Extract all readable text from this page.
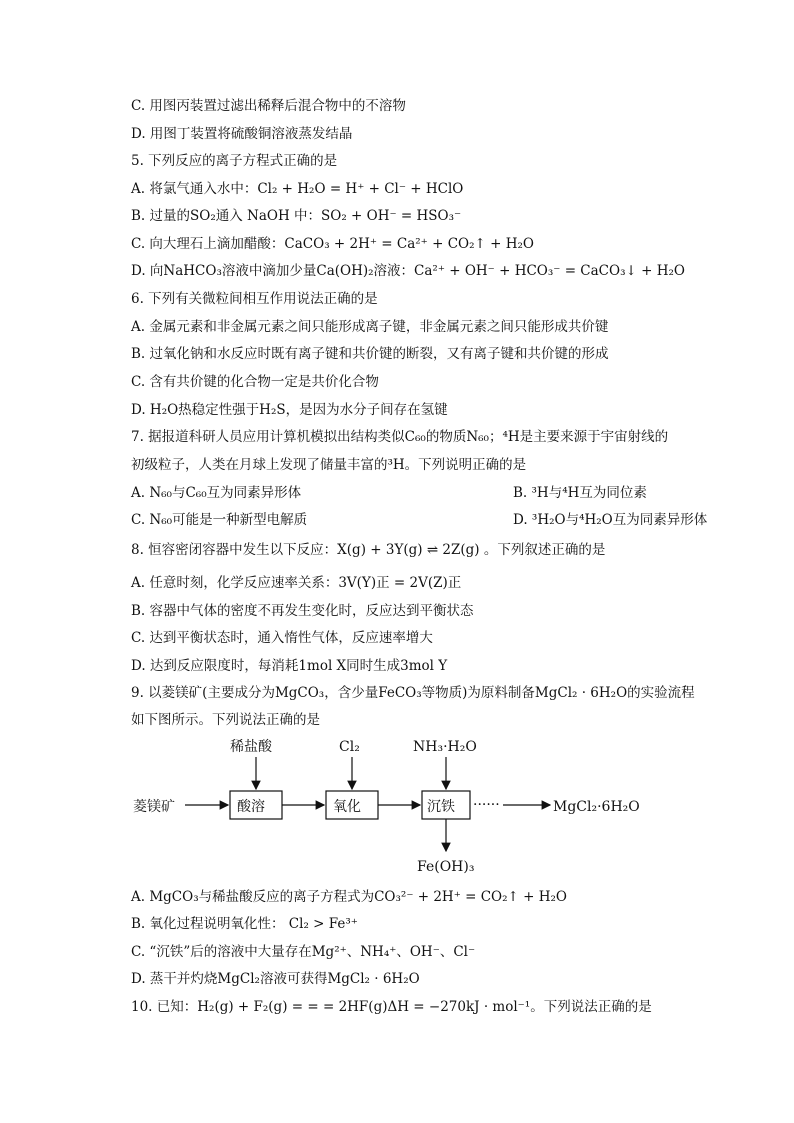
C. 用图丙装置过滤出稀释后混合物中的不溶物
D. 用图丁装置将硫酸铜溶液蒸发结晶
5. 下列反应的离子方程式正确的是
A. 将氯气通入水中：Cl₂ + H₂O = H⁺ + Cl⁻ + HClO
B. 过量的SO₂通入 NaOH 中：SO₂ + OH⁻ = HSO₃⁻
C. 向大理石上滴加醋酸：CaCO₃ + 2H⁺ = Ca²⁺ + CO₂↑ + H₂O
D. 向NaHCO₃溶液中滴加少量Ca(OH)₂溶液：Ca²⁺ + OH⁻ + HCO₃⁻ = CaCO₃↓ + H₂O
6. 下列有关微粒间相互作用说法正确的是
A. 金属元素和非金属元素之间只能形成离子键，非金属元素之间只能形成共价键
B. 过氧化钠和水反应时既有离子键和共价键的断裂，又有离子键和共价键的形成
C. 含有共价键的化合物一定是共价化合物
D. H₂O热稳定性强于H₂S，是因为水分子间存在氢键
7. 据报道科研人员应用计算机模拟出结构类似C₆₀的物质N₆₀；⁴H是主要来源于宇宙射线的
初级粒子，人类在月球上发现了储量丰富的³H。下列说明正确的是
A. N₆₀与C₆₀互为同素异形体	B. ³H与⁴H互为同位素
C. N₆₀可能是一种新型电解质	D. ³H₂O与⁴H₂O互为同素异形体
8. 恒容密闭容器中发生以下反应：X(g) + 3Y(g) ⇌ 2Z(g) 。下列叙述正确的是
A. 任意时刻，化学反应速率关系：3V(Y)正 = 2V(Z)正
B. 容器中气体的密度不再发生变化时，反应达到平衡状态
C. 达到平衡状态时，通入惰性气体，反应速率增大
D. 达到反应限度时，每消耗1mol X同时生成3mol Y
9. 以菱镁矿(主要成分为MgCO₃，含少量FeCO₃等物质)为原料制备MgCl₂ · 6H₂O的实验流程
如下图所示。下列说法正确的是
菱镁矿	酸溶	氧化	沉铁 ······	MgCl₂·6H₂O
稀盐酸	Cl₂	NH₃·H₂O
Fe(OH)₃
A. MgCO₃与稀盐酸反应的离子方程式为CO₃²⁻ + 2H⁺ = CO₂↑ + H₂O
B. 氧化过程说明氧化性： Cl₂ > Fe³⁺
C. “沉铁”后的溶液中大量存在Mg²⁺、NH₄⁺、OH⁻、Cl⁻
D. 蒸干并灼烧MgCl₂溶液可获得MgCl₂ · 6H₂O
10. 已知：H₂(g) + F₂(g) = = = 2HF(g)ΔH = −270kJ · mol⁻¹。下列说法正确的是
